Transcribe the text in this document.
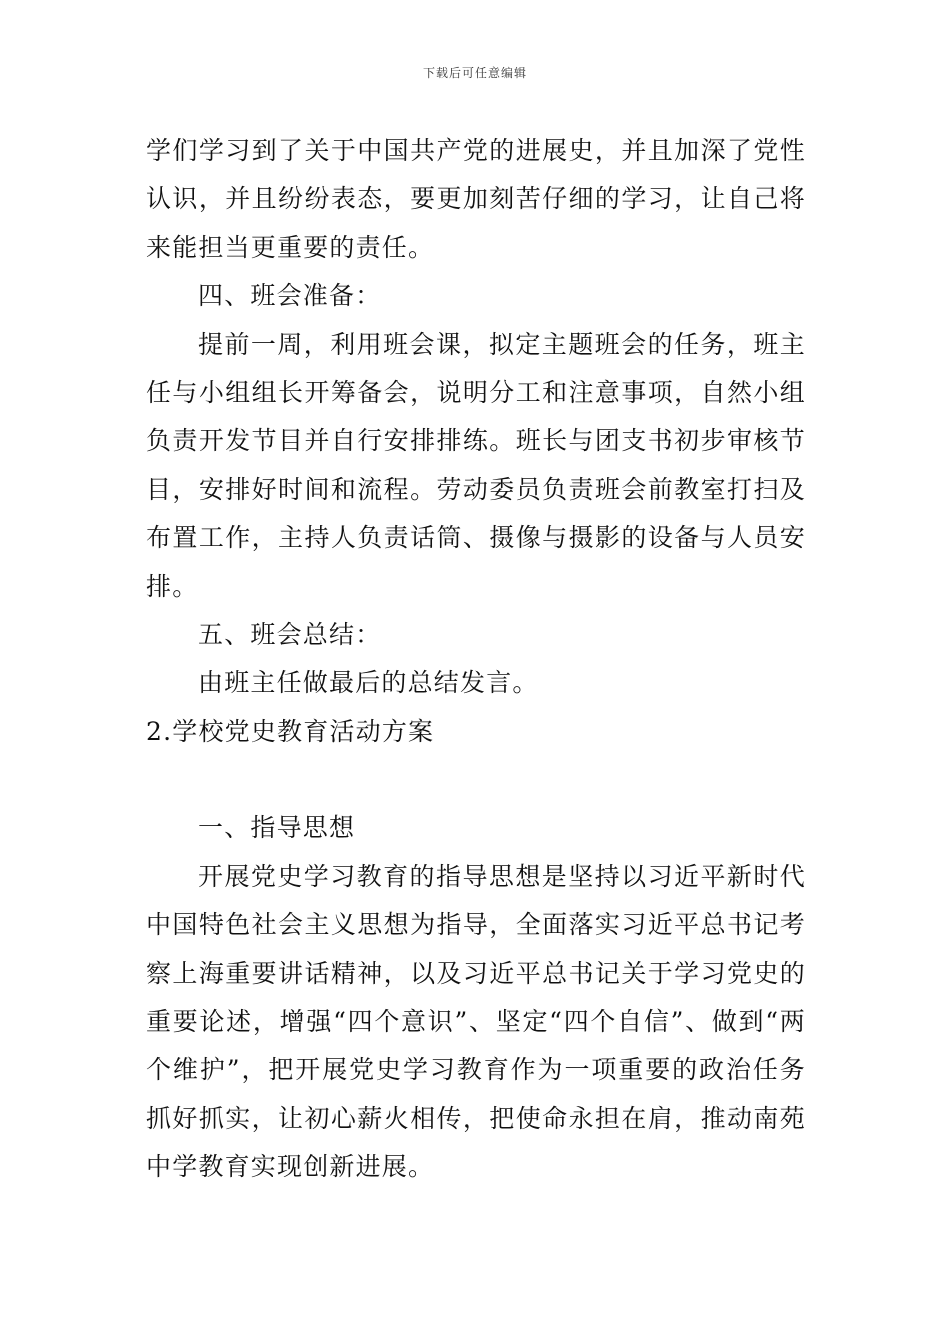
下载后可任意编辑

学们学习到了关于中国共产党的进展史，并且加深了党性认识，并且纷纷表态，要更加刻苦仔细的学习，让自己将来能担当更重要的责任。

四、班会准备：

提前一周，利用班会课，拟定主题班会的任务，班主任与小组组长开筹备会，说明分工和注意事项，自然小组负责开发节目并自行安排排练。班长与团支书初步审核节目，安排好时间和流程。劳动委员负责班会前教室打扫及布置工作，主持人负责话筒、摄像与摄影的设备与人员安排。

五、班会总结：

由班主任做最后的总结发言。

2.学校党史教育活动方案

一、指导思想

开展党史学习教育的指导思想是坚持以习近平新时代中国特色社会主义思想为指导，全面落实习近平总书记考察上海重要讲话精神，以及习近平总书记关于学习党史的重要论述，增强“四个意识”、坚定“四个自信”、做到“两个维护”，把开展党史学习教育作为一项重要的政治任务抓好抓实，让初心薪火相传，把使命永担在肩，推动南苑中学教育实现创新进展。
